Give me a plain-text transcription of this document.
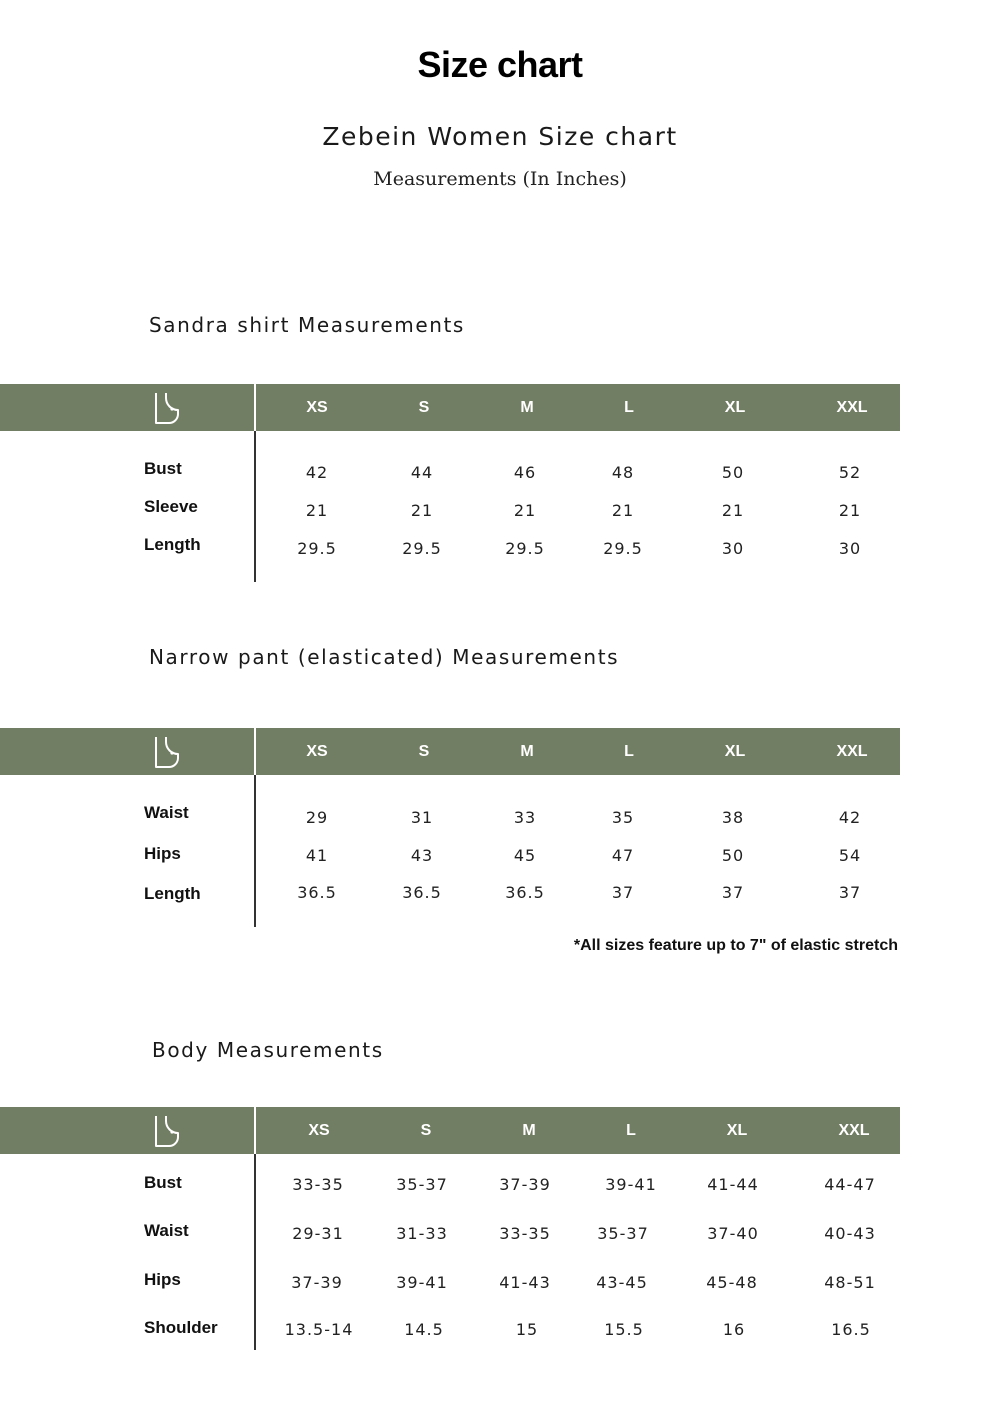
Size chart
Zebein Women Size chart
Measurements (In Inches)
Sandra shirt Measurements
XS	S	M	L	XL	XXL
Bust	42	44	46	48	50	52
Sleeve	21	21	21	21	21	21
Length	29.5	29.5	29.5	29.5	30	30
Narrow pant (elasticated) Measurements
XS	S	M	L	XL	XXL
Waist	29	31	33	35	38	42
Hips	41	43	45	47	50	54
Length	36.5	36.5	36.5	37	37	37
*All sizes feature up to 7" of elastic stretch
Body Measurements
XS	S	M	L	XL	XXL
Bust	33-35	35-37	37-39	39-41	41-44	44-47
Waist	29-31	31-33	33-35	35-37	37-40	40-43
Hips	37-39	39-41	41-43	43-45	45-48	48-51
Shoulder	13.5-14	14.5	15	15.5	16	16.5
